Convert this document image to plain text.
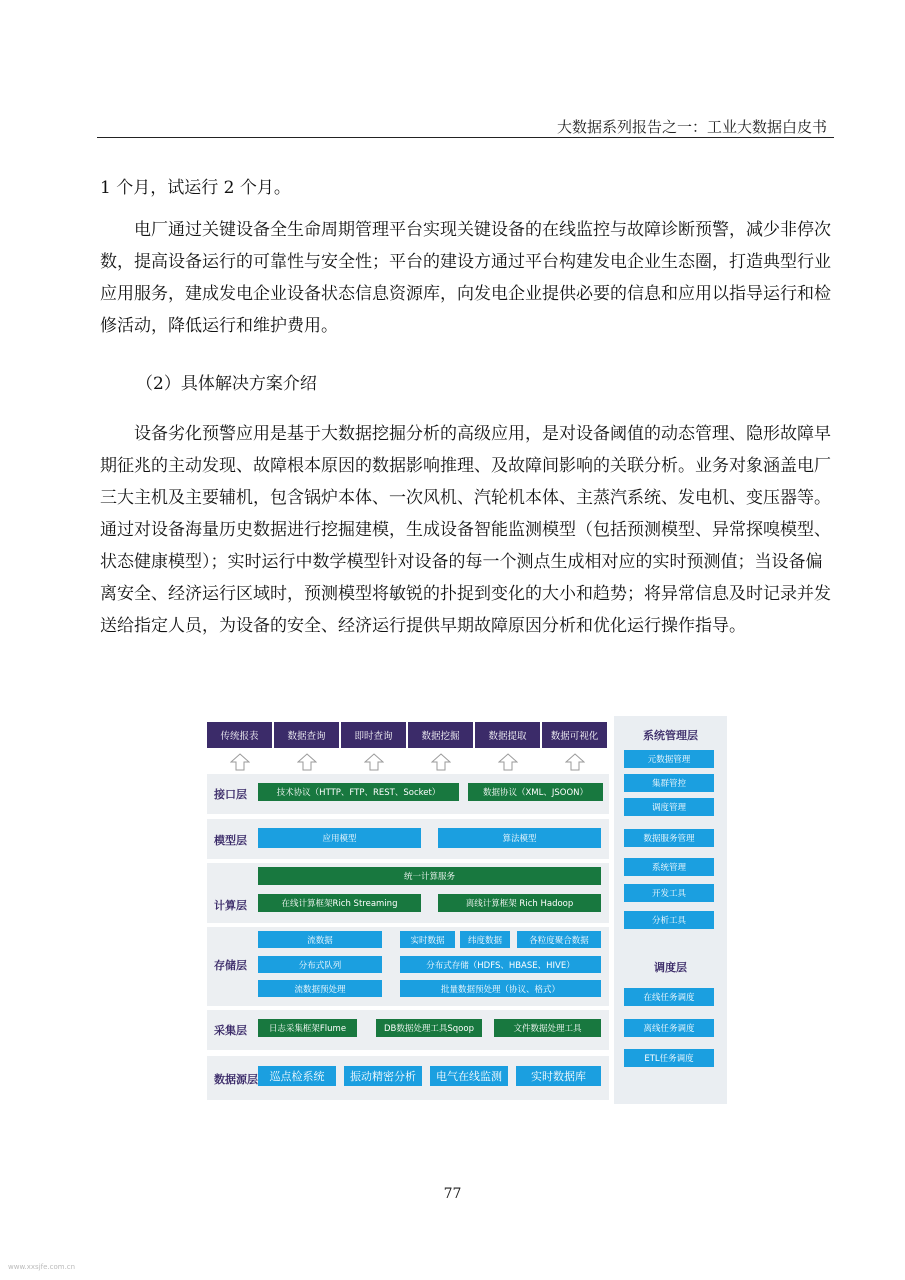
大数据系列报告之一：工业大数据白皮书

1 个月，试运行 2 个月。

电厂通过关键设备全生命周期管理平台实现关键设备的在线监控与故障诊断预警，减少非停次数，提高设备运行的可靠性与安全性；平台的建设方通过平台构建发电企业生态圈，打造典型行业应用服务，建成发电企业设备状态信息资源库，向发电企业提供必要的信息和应用以指导运行和检修活动，降低运行和维护费用。

（2）具体解决方案介绍

设备劣化预警应用是基于大数据挖掘分析的高级应用，是对设备阈值的动态管理、隐形故障早期征兆的主动发现、故障根本原因的数据影响推理、及故障间影响的关联分析。业务对象涵盖电厂三大主机及主要辅机，包含锅炉本体、一次风机、汽轮机本体、主蒸汽系统、发电机、变压器等。通过对设备海量历史数据进行挖掘建模，生成设备智能监测模型（包括预测模型、异常探嗅模型、状态健康模型）；实时运行中数学模型针对设备的每一个测点生成相对应的实时预测值；当设备偏离安全、经济运行区域时，预测模型将敏锐的扑捉到变化的大小和趋势；将异常信息及时记录并发送给指定人员，为设备的安全、经济运行提供早期故障原因分析和优化运行操作指导。

传统报表	数据查询	即时查询	数据挖掘	数据提取	数据可视化
接口层	技术协议（HTTP、FTP、REST、Socket）	数据协议（XML、JSOON）
模型层	应用模型	算法模型
计算层
统一计算服务
在线计算框架Rich Streaming	离线计算框架 Rich Hadoop
存储层
流数据	实时数据	纬度数据	各粒度聚合数据
分布式队列	分布式存储（HDFS、HBASE、HIVE）
流数据预处理	批量数据预处理（协议、格式）
采集层	日志采集框架Flume	DB数据处理工具Sqoop	文件数据处理工具
数据源层	巡点检系统	振动精密分析	电气在线监测	实时数据库
系统管理层
元数据管理
集群管控
调度管理
数据服务管理
系统管理
开发工具
分析工具
调度层
在线任务调度
离线任务调度
ETL任务调度
77
www.xxsjfe.com.cn
